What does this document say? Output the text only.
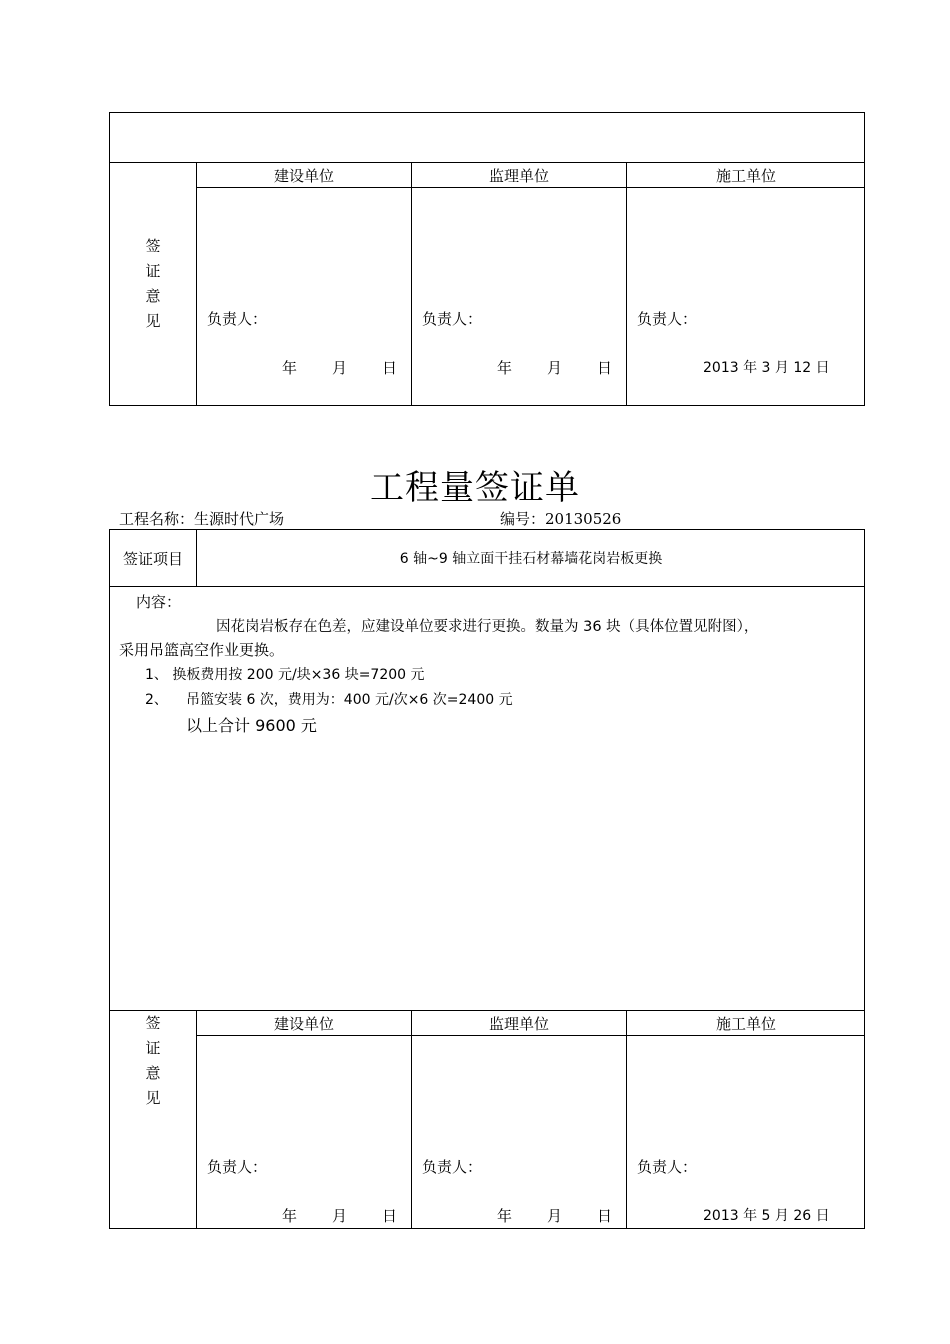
签
证
意
见
建设单位	监理单位	施工单位
负责人：	负责人：	负责人：
年 月 日	年 月 日	2013 年 3 月 12 日
工程量签证单
工程名称：生源时代广场	编号：20130526
签证项目	6 轴~9 轴立面干挂石材幕墙花岗岩板更换
内容：
因花岗岩板存在色差，应建设单位要求进行更换。数量为 36 块（具体位置见附图），
采用吊篮高空作业更换。
1、 换板费用按 200 元/块×36 块=7200 元
2、 吊篮安装 6 次，费用为：400 元/次×6 次=2400 元
以上合计 9600 元
签
证
意
见
建设单位	监理单位	施工单位
负责人：	负责人：	负责人：
年 月 日	年 月 日	2013 年 5 月 26 日
